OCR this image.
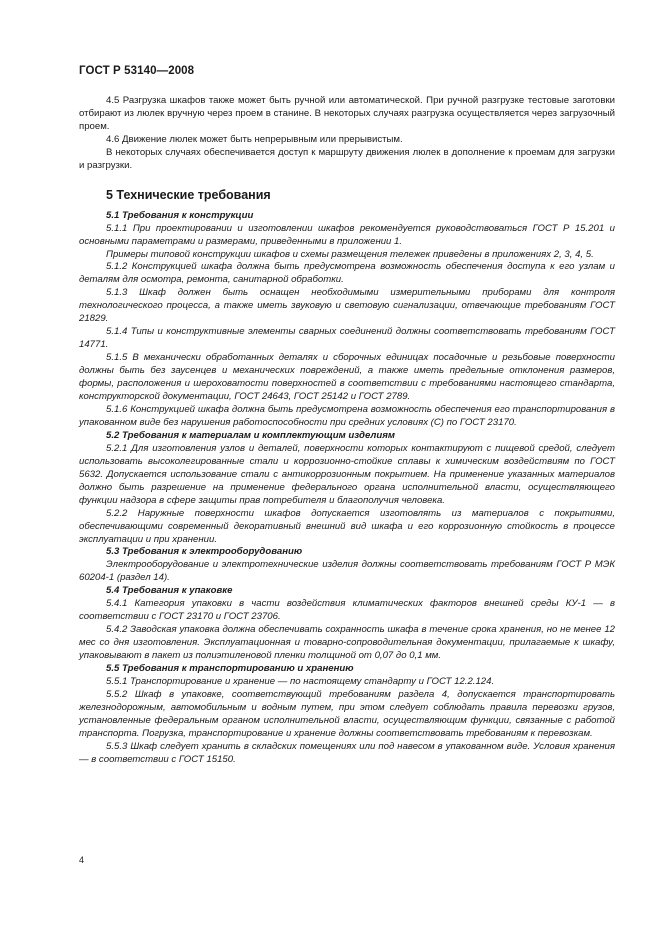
ГОСТ Р 53140—2008

4.5 Разгрузка шкафов также может быть ручной или автоматической. При ручной разгрузке тестовые заготовки отбирают из люлек вручную через проем в станине. В некоторых случаях разгрузка осуществляется через загрузочный проем.

4.6 Движение люлек может быть непрерывным или прерывистым.

В некоторых случаях обеспечивается доступ к маршруту движения люлек в дополнение к проемам для загрузки и разгрузки.

5 Технические требования

5.1 Требования к конструкции

5.1.1 При проектировании и изготовлении шкафов рекомендуется руководствоваться ГОСТ Р 15.201 и основными параметрами и размерами, приведенными в приложении 1.

Примеры типовой конструкции шкафов и схемы размещения тележек приведены в приложениях 2, 3, 4, 5.

5.1.2 Конструкцией шкафа должна быть предусмотрена возможность обеспечения доступа к его узлам и деталям для осмотра, ремонта, санитарной обработки.

5.1.3 Шкаф должен быть оснащен необходимыми измерительными приборами для контроля технологического процесса, а также иметь звуковую и световую сигнализации, отвечающие требованиям ГОСТ 21829.

5.1.4 Типы и конструктивные элементы сварных соединений должны соответствовать требованиям ГОСТ 14771.

5.1.5 В механически обработанных деталях и сборочных единицах посадочные и резьбовые поверхности должны быть без заусенцев и механических повреждений, а также иметь предельные отклонения размеров, формы, расположения и шероховатости поверхностей в соответствии с требованиями настоящего стандарта, конструкторской документации, ГОСТ 24643, ГОСТ 25142 и ГОСТ 2789.

5.1.6 Конструкцией шкафа должна быть предусмотрена возможность обеспечения его транспортирования в упакованном виде без нарушения работоспособности при средних условиях (С) по ГОСТ 23170.

5.2 Требования к материалам и комплектующим изделиям

5.2.1 Для изготовления узлов и деталей, поверхности которых контактируют с пищевой средой, следует использовать высоколегированные стали и коррозионно-стойкие сплавы к химическим воздействиям по ГОСТ 5632. Допускается использование стали с антикоррозионным покрытием. На применение указанных материалов должно быть разрешение на применение федерального органа исполнительной власти, осуществляющего функции надзора в сфере защиты прав потребителя и благополучия человека.

5.2.2 Наружные поверхности шкафов допускается изготовлять из материалов с покрытиями, обеспечивающими современный декоративный внешний вид шкафа и его коррозионную стойкость в процессе эксплуатации и при хранении.

5.3 Требования к электрооборудованию

Электрооборудование и электротехнические изделия должны соответствовать требованиям ГОСТ Р МЭК 60204-1 (раздел 14).

5.4 Требования к упаковке

5.4.1 Категория упаковки в части воздействия климатических факторов внешней среды КУ-1 — в соответствии с ГОСТ 23170 и ГОСТ 23706.

5.4.2 Заводская упаковка должна обеспечивать сохранность шкафа в течение срока хранения, но не менее 12 мес со дня изготовления. Эксплуатационная и товарно-сопроводительная документации, прилагаемые к шкафу, упаковывают в пакет из полиэтиленовой пленки толщиной от 0,07 до 0,1 мм.

5.5 Требования к транспортированию и хранению

5.5.1 Транспортирование и хранение — по настоящему стандарту и ГОСТ 12.2.124.

5.5.2 Шкаф в упаковке, соответствующий требованиям раздела 4, допускается транспортировать железнодорожным, автомобильным и водным путем, при этом следует соблюдать правила перевозки грузов, установленные федеральным органом исполнительной власти, осуществляющим функции, связанные с работой транспорта. Погрузка, транспортирование и хранение должны соответствовать требованиям к перевозкам.

5.5.3 Шкаф следует хранить в складских помещениях или под навесом в упакованном виде. Условия хранения — в соответствии с ГОСТ 15150.

4
